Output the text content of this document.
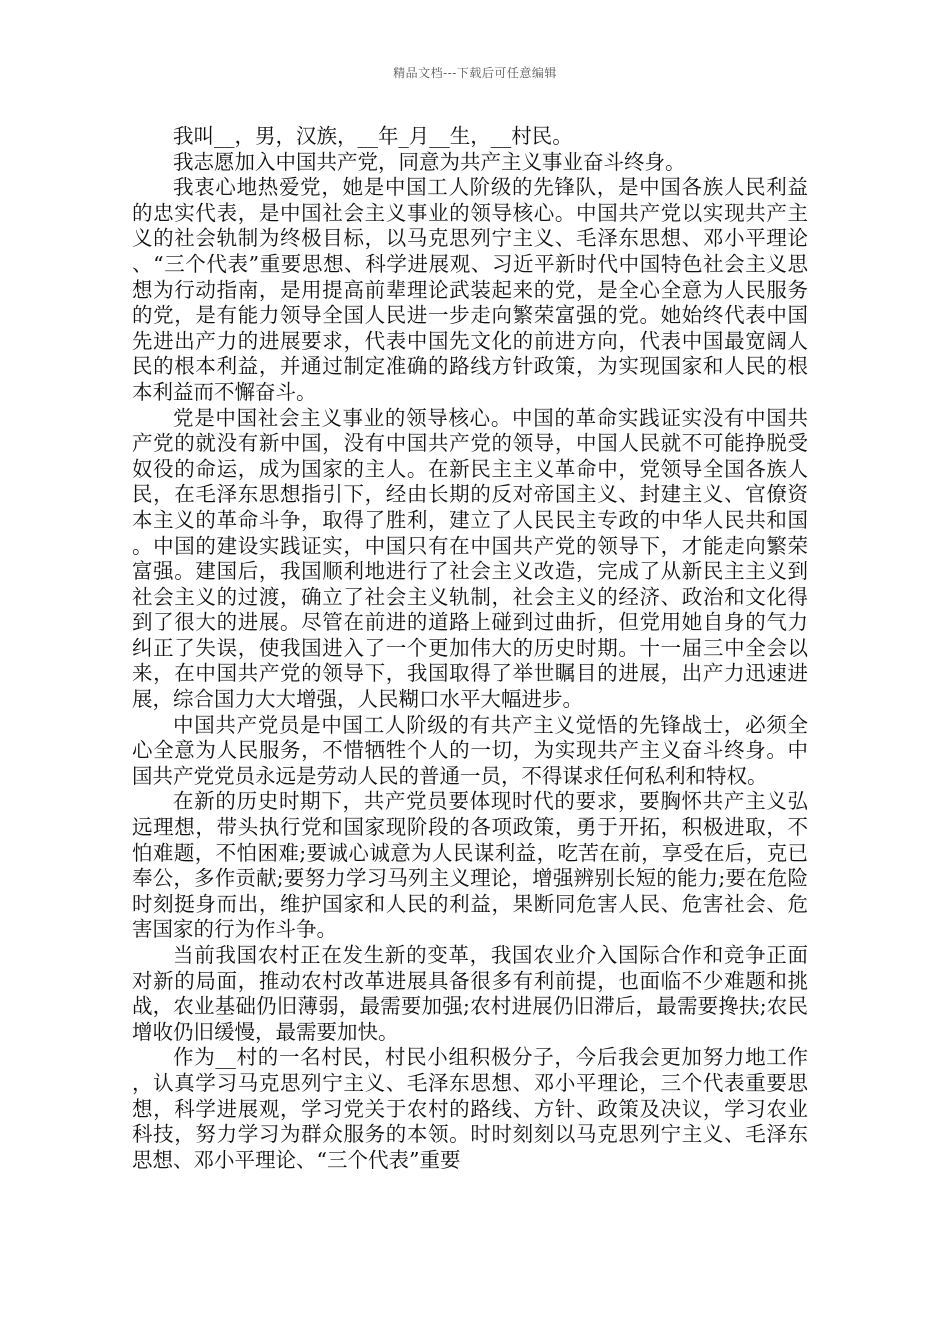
精品文档---下载后可任意编辑

我叫__，男，汉族，__年_月__生，__村民。

我志愿加入中国共产党，同意为共产主义事业奋斗终身。

我衷心地热爱党，她是中国工人阶级的先锋队，是中国各族人民利益的忠实代表，是中国社会主义事业的领导核心。中国共产党以实现共产主义的社会轨制为终极目标，以马克思列宁主义、毛泽东思想、邓小平理论、“三个代表”重要思想、科学进展观、习近平新时代中国特色社会主义思想为行动指南，是用提高前辈理论武装起来的党，是全心全意为人民服务的党，是有能力领导全国人民进一步走向繁荣富强的党。她始终代表中国先进出产力的进展要求，代表中国先文化的前进方向，代表中国最宽阔人民的根本利益，并通过制定准确的路线方针政策，为实现国家和人民的根本利益而不懈奋斗。

党是中国社会主义事业的领导核心。中国的革命实践证实没有中国共产党的就没有新中国，没有中国共产党的领导，中国人民就不可能挣脱受奴役的命运，成为国家的主人。在新民主主义革命中，党领导全国各族人民，在毛泽东思想指引下，经由长期的反对帝国主义、封建主义、官僚资本主义的革命斗争，取得了胜利，建立了人民民主专政的中华人民共和国。中国的建设实践证实，中国只有在中国共产党的领导下，才能走向繁荣富强。建国后，我国顺利地进行了社会主义改造，完成了从新民主主义到社会主义的过渡，确立了社会主义轨制，社会主义的经济、政治和文化得到了很大的进展。尽管在前进的道路上碰到过曲折，但党用她自身的气力纠正了失误，使我国进入了一个更加伟大的历史时期。十一届三中全会以来，在中国共产党的领导下，我国取得了举世瞩目的进展，出产力迅速进展，综合国力大大增强，人民糊口水平大幅进步。

中国共产党员是中国工人阶级的有共产主义觉悟的先锋战士，必须全心全意为人民服务，不惜牺牲个人的一切，为实现共产主义奋斗终身。中国共产党党员永远是劳动人民的普通一员，不得谋求任何私利和特权。

在新的历史时期下，共产党员要体现时代的要求，要胸怀共产主义弘远理想，带头执行党和国家现阶段的各项政策，勇于开拓，积极进取，不怕难题，不怕困难;要诚心诚意为人民谋利益，吃苦在前，享受在后，克已奉公，多作贡献;要努力学习马列主义理论，增强辨别长短的能力;要在危险时刻挺身而出，维护国家和人民的利益，果断同危害人民、危害社会、危害国家的行为作斗争。

当前我国农村正在发生新的变革，我国农业介入国际合作和竞争正面对新的局面，推动农村改革进展具备很多有利前提，也面临不少难题和挑战，农业基础仍旧薄弱，最需要加强;农村进展仍旧滞后，最需要搀扶;农民增收仍旧缓慢，最需要加快。

作为__村的一名村民，村民小组积极分子，今后我会更加努力地工作，认真学习马克思列宁主义、毛泽东思想、邓小平理论，三个代表重要思想，科学进展观，学习党关于农村的路线、方针、政策及决议，学习农业科技，努力学习为群众服务的本领。时时刻刻以马克思列宁主义、毛泽东思想、邓小平理论、“三个代表”重要
